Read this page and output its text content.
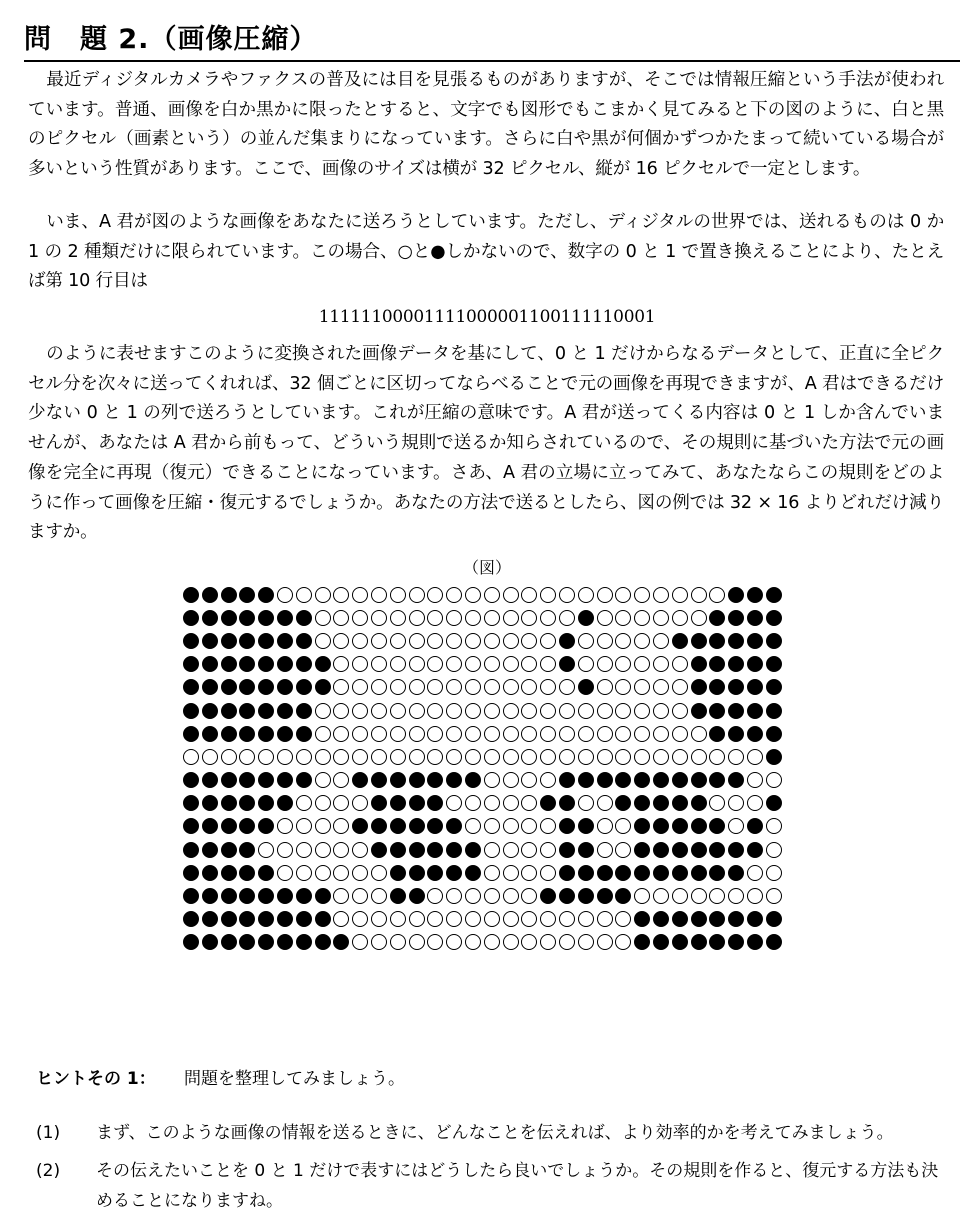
問　題 2.（画像圧縮）
最近ディジタルカメラやファクスの普及には目を見張るものがありますが、そこでは情報圧縮という手法が使われています。普通、画像を白か黒かに限ったとすると、文字でも図形でもこまかく見てみると下の図のように、白と黒のピクセル（画素という）の並んだ集まりになっています。さらに白や黒が何個かずつかたまって続いている場合が多いという性質があります。ここで、画像のサイズは横が 32 ピクセル、縦が 16 ピクセルで一定とします。
いま、A 君が図のような画像をあなたに送ろうとしています。ただし、ディジタルの世界では、送れるものは 0 か 1 の 2 種類だけに限られています。この場合、○と●しかないので、数字の 0 と 1 で置き換えることにより、たとえば第 10 行目は
11111100001111000001100111110001
のように表せますこのように変換された画像データを基にして、0 と 1 だけからなるデータとして、正直に全ピクセル分を次々に送ってくれれば、32 個ごとに区切ってならべることで元の画像を再現できますが、A 君はできるだけ少ない 0 と 1 の列で送ろうとしています。これが圧縮の意味です。A 君が送ってくる内容は 0 と 1 しか含んでいませんが、あなたは A 君から前もって、どういう規則で送るか知らされているので、その規則に基づいた方法で元の画像を完全に再現（復元）できることになっています。さあ、A 君の立場に立ってみて、あなたならこの規則をどのように作って画像を圧縮・復元するでしょうか。あなたの方法で送るとしたら、図の例では 32 × 16 よりどれだけ減りますか。
（図）
ヒントその 1： 問題を整理してみましょう。
(1)	まず、このような画像の情報を送るときに、どんなことを伝えれば、より効率的かを考えてみましょう。
(2)	その伝えたいことを 0 と 1 だけで表すにはどうしたら良いでしょうか。その規則を作ると、復元する方法も決めることになりますね。
